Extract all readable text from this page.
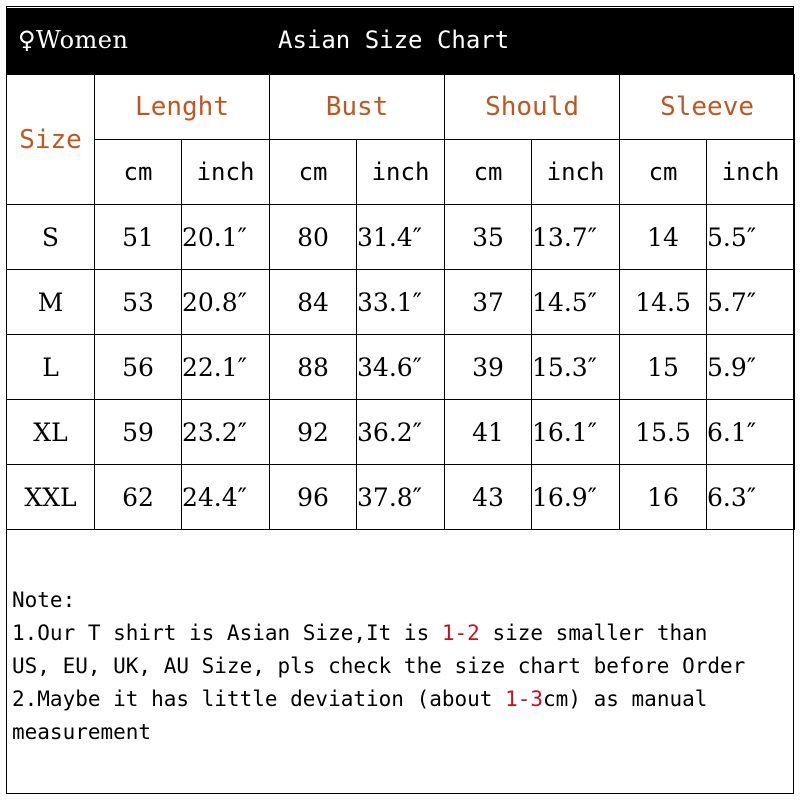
♀Women	Asian Size Chart
Size	Lenght		Bust		Should		Sleeve	
	cm	inch	cm	inch	cm	inch	cm	inch
S	51	20.1″	80	31.4″	35	13.7″	14	5.5″
M	53	20.8″	84	33.1″	37	14.5″	14.5	5.7″
L	56	22.1″	88	34.6″	39	15.3″	15	5.9″
XL	59	23.2″	92	36.2″	41	16.1″	15.5	6.1″
XXL	62	24.4″	96	37.8″	43	16.9″	16	6.3″
Note:
1.Our T shirt is Asian Size,It is 1-2 size smaller than
US, EU, UK, AU Size, pls check the size chart before Order
2.Maybe it has little deviation (about 1-3cm) as manual
measurement
